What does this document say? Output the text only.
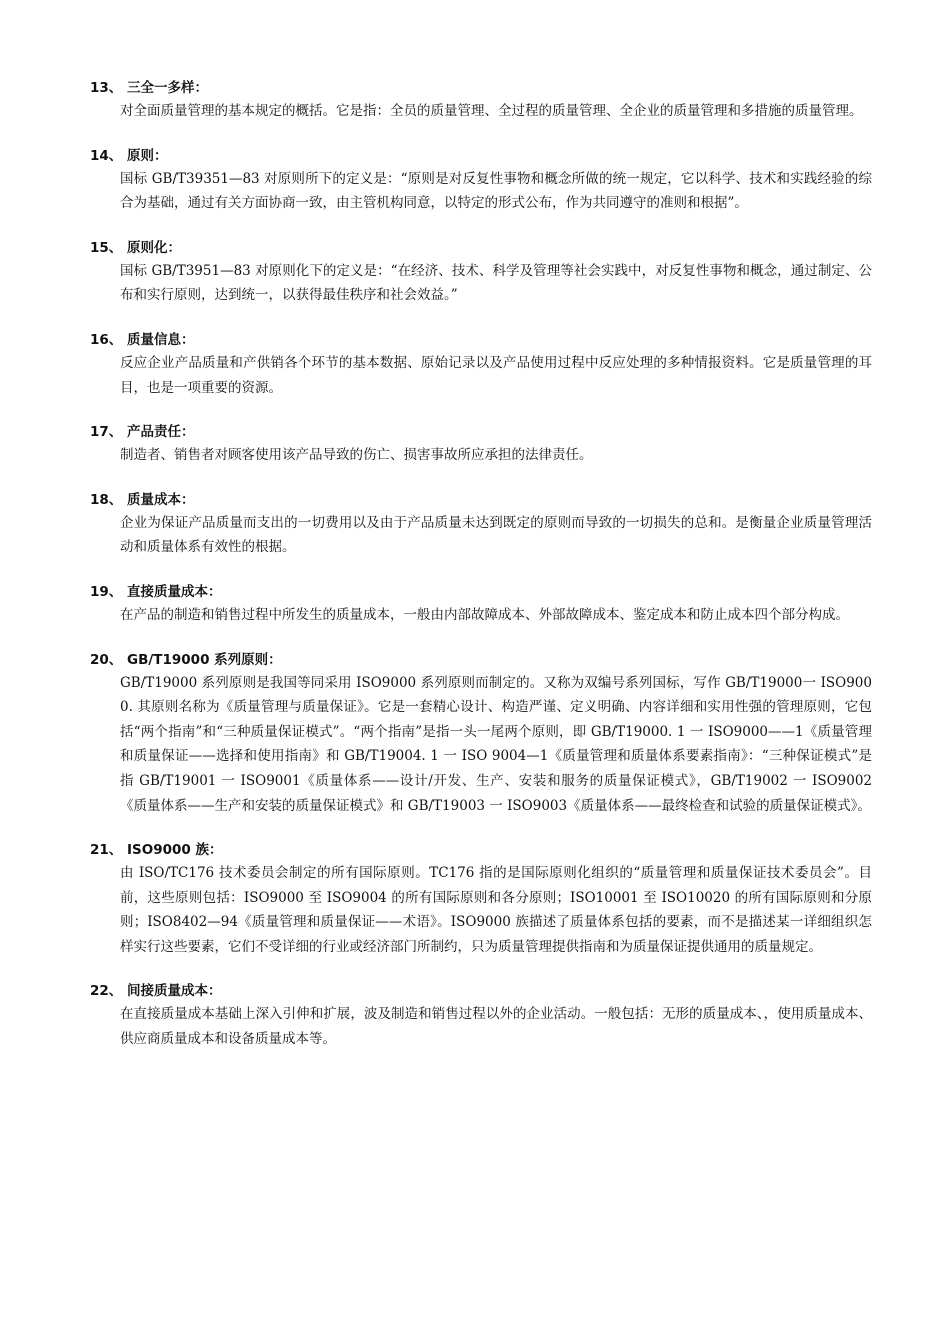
13、 三全一多样：
对全面质量管理的基本规定的概括。它是指：全员的质量管理、全过程的质量管理、全企业的质量管理和多措施的质量管理。
14、 原则：
国标 GB/T39351—83 对原则所下的定义是：“原则是对反复性事物和概念所做的统一规定，它以科学、技术和实践经验的综合为基础，通过有关方面协商一致，由主管机构同意，以特定的形式公布，作为共同遵守的准则和根据”。
15、 原则化：
国标 GB/T3951—83 对原则化下的定义是：“在经济、技术、科学及管理等社会实践中，对反复性事物和概念，通过制定、公布和实行原则，达到统一，以获得最佳秩序和社会效益。”
16、 质量信息：
反应企业产品质量和产供销各个环节的基本数据、原始记录以及产品使用过程中反应处理的多种情报资料。它是质量管理的耳目，也是一项重要的资源。
17、 产品责任：
制造者、销售者对顾客使用该产品导致的伤亡、损害事故所应承担的法律责任。
18、 质量成本：
企业为保证产品质量而支出的一切费用以及由于产品质量未达到既定的原则而导致的一切损失的总和。是衡量企业质量管理活动和质量体系有效性的根据。
19、 直接质量成本：
在产品的制造和销售过程中所发生的质量成本，一般由内部故障成本、外部故障成本、鉴定成本和防止成本四个部分构成。
20、 GB/T19000 系列原则：
GB/T19000 系列原则是我国等同采用 ISO9000 系列原则而制定的。又称为双编号系列国标，写作 GB/T19000一 ISO9000. 其原则名称为《质量管理与质量保证》。它是一套精心设计、构造严谨、定义明确、内容详细和实用性强的管理原则，它包括“两个指南”和“三种质量保证模式”。“两个指南”是指一头一尾两个原则，即 GB/T19000. 1 一 ISO9000——1《质量管理和质量保证——选择和使用指南》和 GB/T19004. 1 一 ISO 9004—1《质量管理和质量体系要素指南》：“三种保证模式”是指 GB/T19001 一 ISO9001《质量体系——设计/开发、生产、安装和服务的质量保证模式》，GB/T19002 一 ISO9002《质量体系——生产和安装的质量保证模式》和 GB/T19003 一 ISO9003《质量体系——最终检查和试验的质量保证模式》。
21、 ISO9000 族：
由 ISO/TC176 技术委员会制定的所有国际原则。TC176 指的是国际原则化组织的“质量管理和质量保证技术委员会”。目前，这些原则包括：ISO9000 至 ISO9004 的所有国际原则和各分原则；ISO10001 至 ISO10020 的所有国际原则和分原则；ISO8402—94《质量管理和质量保证——术语》。ISO9000 族描述了质量体系包括的要素，而不是描述某一详细组织怎样实行这些要素，它们不受详细的行业或经济部门所制约，只为质量管理提供指南和为质量保证提供通用的质量规定。
22、 间接质量成本：
在直接质量成本基础上深入引伸和扩展，波及制造和销售过程以外的企业活动。一般包括：无形的质量成本、，使用质量成本、供应商质量成本和设备质量成本等。
